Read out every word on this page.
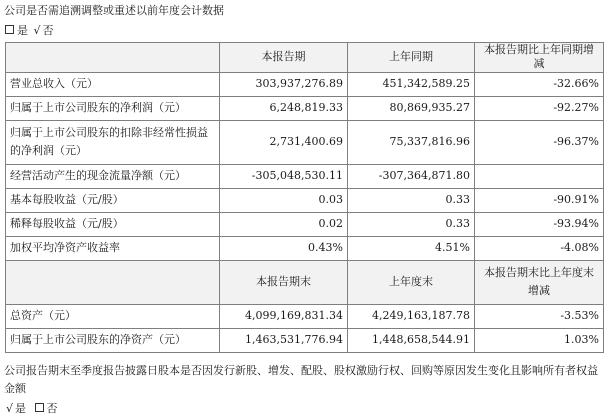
公司是否需追溯调整或重述以前年度会计数据
是 √ 否
	本报告期	上年同期	本报告期比上年同期增减
营业总收入（元）	303,937,276.89	451,342,589.25	-32.66%
归属于上市公司股东的净利润（元）	6,248,819.33	80,869,935.27	-92.27%
归属于上市公司股东的扣除非经常性损益的净利润（元）	2,731,400.69	75,337,816.96	-96.37%
经营活动产生的现金流量净额（元）	-305,048,530.11	-307,364,871.80	
基本每股收益（元/股）	0.03	0.33	-90.91%
稀释每股收益（元/股）	0.02	0.33	-93.94%
加权平均净资产收益率	0.43%	4.51%	-4.08%
	本报告期末	上年度末	本报告期末比上年度末增减
总资产（元）	4,099,169,831.34	4,249,163,187.78	-3.53%
归属于上市公司股东的净资产（元）	1,463,531,776.94	1,448,658,544.91	1.03%
公司报告期末至季度报告披露日股本是否因发行新股、增发、配股、股权激励行权、回购等原因发生变化且影响所有者权益金额
√ 是 否
